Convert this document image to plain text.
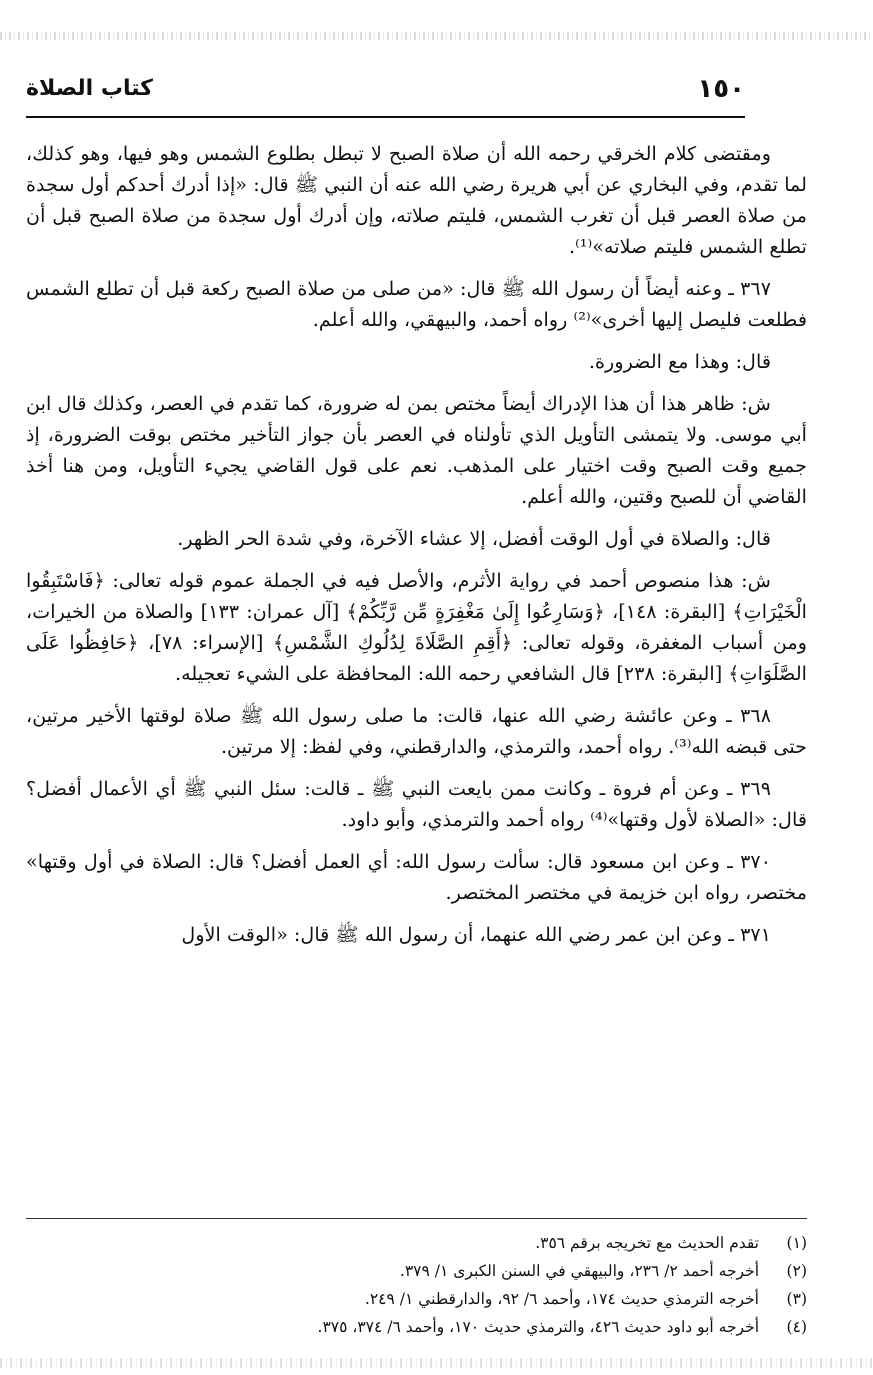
١٥٠
كتاب الصلاة

ومقتضى كلام الخرقي رحمه الله أن صلاة الصبح لا تبطل بطلوع الشمس وهو فيها، وهو كذلك، لما تقدم، وفي البخاري عن أبي هريرة رضي الله عنه أن النبي ﷺ قال: «إذا أدرك أحدكم أول سجدة من صلاة العصر قبل أن تغرب الشمس، فليتم صلاته، وإن أدرك أول سجدة من صلاة الصبح قبل أن تطلع الشمس فليتم صلاته»⁽¹⁾.

٣٦٧ ـ وعنه أيضاً أن رسول الله ﷺ قال: «من صلى من صلاة الصبح ركعة قبل أن تطلع الشمس فطلعت فليصل إليها أخرى»⁽²⁾ رواه أحمد، والبيهقي، والله أعلم.

قال: وهذا مع الضرورة.

ش: ظاهر هذا أن هذا الإدراك أيضاً مختص بمن له ضرورة، كما تقدم في العصر، وكذلك قال ابن أبي موسى. ولا يتمشى التأويل الذي تأولناه في العصر بأن جواز التأخير مختص بوقت الضرورة، إذ جميع وقت الصبح وقت اختيار على المذهب. نعم على قول القاضي يجيء التأويل، ومن هنا أخذ القاضي أن للصبح وقتين، والله أعلم.

قال: والصلاة في أول الوقت أفضل، إلا عشاء الآخرة، وفي شدة الحر الظهر.

ش: هذا منصوص أحمد في رواية الأثرم، والأصل فيه في الجملة عموم قوله تعالى: ﴿فَاسْتَبِقُوا الْخَيْرَاتِ﴾ [البقرة: ١٤٨]، ﴿وَسَارِعُوا إِلَىٰ مَغْفِرَةٍ مِّن رَّبِّكُمْ﴾ [آل عمران: ١٣٣] والصلاة من الخيرات، ومن أسباب المغفرة، وقوله تعالى: ﴿أَقِمِ الصَّلَاةَ لِدُلُوكِ الشَّمْسِ﴾ [الإسراء: ٧٨]، ﴿حَافِظُوا عَلَى الصَّلَوَاتِ﴾ [البقرة: ٢٣٨] قال الشافعي رحمه الله: المحافظة على الشيء تعجيله.

٣٦٨ ـ وعن عائشة رضي الله عنها، قالت: ما صلى رسول الله ﷺ صلاة لوقتها الأخير مرتين، حتى قبضه الله⁽³⁾. رواه أحمد، والترمذي، والدارقطني، وفي لفظ: إلا مرتين.

٣٦٩ ـ وعن أم فروة ـ وكانت ممن بايعت النبي ﷺ ـ قالت: سئل النبي ﷺ أي الأعمال أفضل؟ قال: «الصلاة لأول وقتها»⁽⁴⁾ رواه أحمد والترمذي، وأبو داود.

٣٧٠ ـ وعن ابن مسعود قال: سألت رسول الله: أي العمل أفضل؟ قال: الصلاة في أول وقتها» مختصر، رواه ابن خزيمة في مختصر المختصر.

٣٧١ ـ وعن ابن عمر رضي الله عنهما، أن رسول الله ﷺ قال: «الوقت الأول

(١)
تقدم الحديث مع تخريجه برقم ٣٥٦.
(٢)
أخرجه أحمد ٢/ ٢٣٦، والبيهقي في السنن الكبرى ١/ ٣٧٩.
(٣)
أخرجه الترمذي حديث ١٧٤، وأحمد ٦/ ٩٢، والدارقطني ١/ ٢٤٩.
(٤)
أخرجه أبو داود حديث ٤٢٦، والترمذي حديث ١٧٠، وأحمد ٦/ ٣٧٤، ٣٧٥.
